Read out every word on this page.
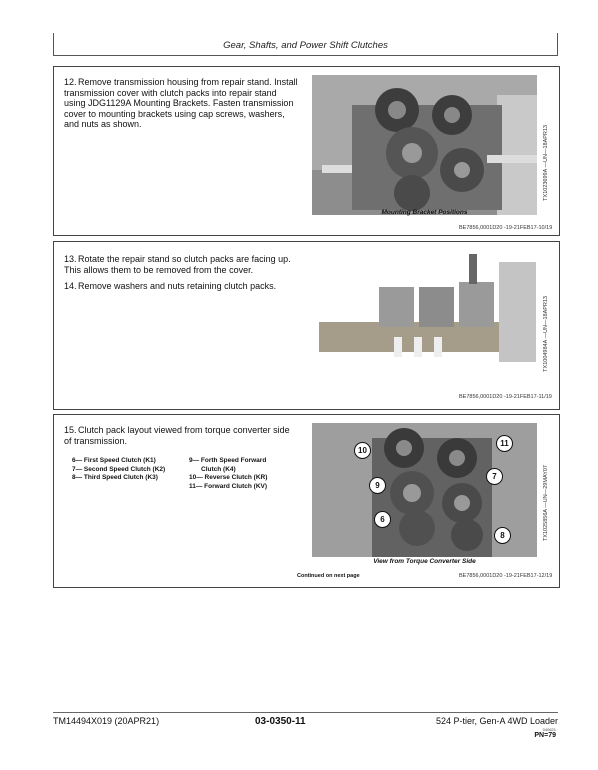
Gear, Shafts, and Power Shift Clutches

12.Remove transmission housing from repair stand. Install transmission cover with clutch packs into repair stand using JDG1129A Mounting Brackets. Fasten transmission cover to mounting brackets using cap screws, washers, and nuts as shown.

TX1023699A —UN—18APR13
Mounting Bracket Positions
BE7856,0001D20 -19-21FEB17-10/19

13.Rotate the repair stand so clutch packs are facing up. This allows them to be removed from the cover.

14.Remove washers and nuts retaining clutch packs.

TX1004984A —UN—18APR13
BE7856,0001D20 -19-21FEB17-11/19

15.Clutch pack layout viewed from torque converter side of transmission.

6— First Speed Clutch (K1)
7— Second Speed Clutch (K2)
8— Third Speed Clutch (K3)
9— Forth Speed Forward
Clutch (K4)
10— Reverse Clutch (KR)
11— Forward Clutch (KV)
10
11
9
7
6
8	TX1025856A —UN—29MAY07
View from Torque Converter Side
Continued on next page	BE7856,0001D20 -19-21FEB17-12/19
TM14494X019 (20APR21)	03-0350-11	524 P-tier, Gen-A 4WD Loader
040621
PN=79
